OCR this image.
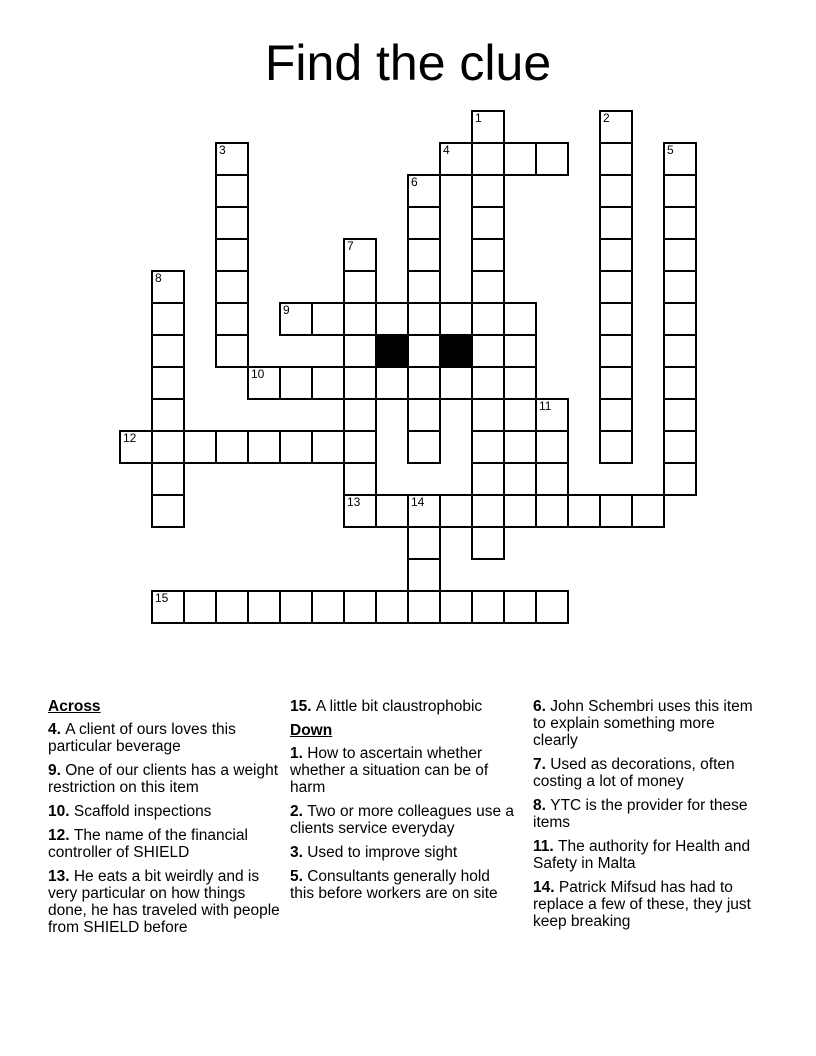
Find the clue
1	2
3	4	5
6
7
8
9
10
11
12
13	14
15
Across

4. A client of ours loves this particular beverage

9. One of our clients has a weight restriction on this item

10. Scaffold inspections

12. The name of the financial controller of SHIELD

13. He eats a bit weirdly and is very particular on how things done, he has traveled with people from SHIELD before

15. A little bit claustrophobic

Down

1. How to ascertain whether whether a situation can be of harm

2. Two or more colleagues use a clients service everyday

3. Used to improve sight

5. Consultants generally hold this before workers are on site

6. John Schembri uses this item to explain something more clearly

7. Used as decorations, often costing a lot of money

8. YTC is the provider for these items

11. The authority for Health and Safety in Malta

14. Patrick Mifsud has had to replace a few of these, they just keep breaking
